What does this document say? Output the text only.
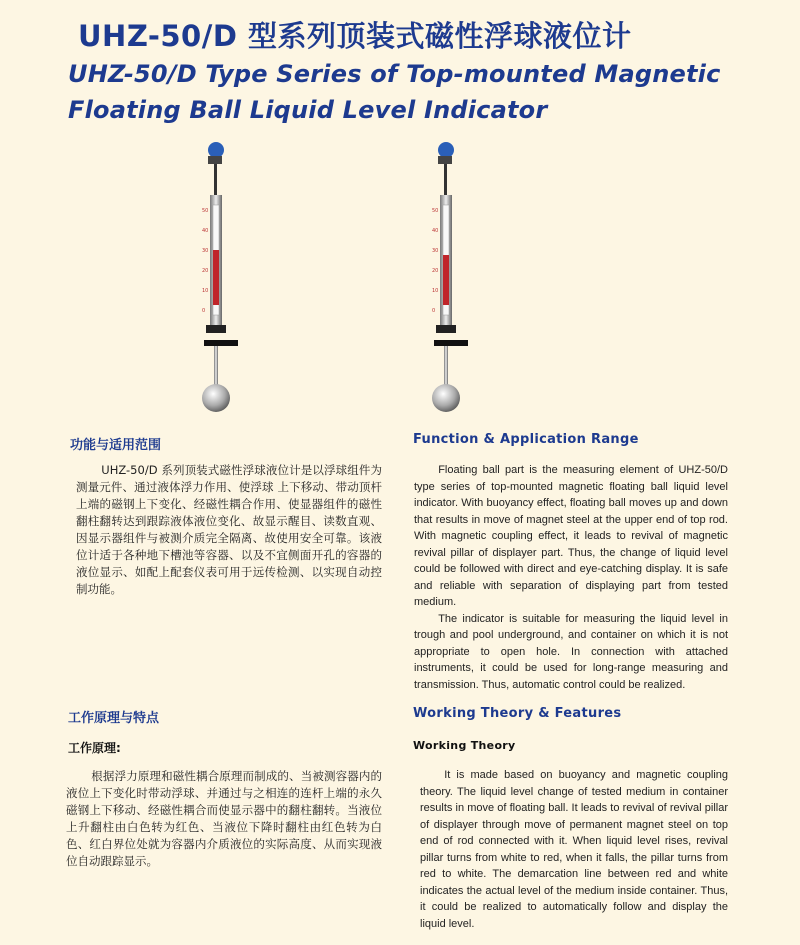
UHZ-50/D 型系列顶装式磁性浮球液位计
UHZ-50/D Type Series of Top-mounted Magnetic
Floating Ball Liquid Level Indicator
50
40
30
20
10
0
50
40
30
20
10
0
功能与适用范围	Function & Application Range

UHZ-50/D 系列顶装式磁性浮球液位计是以浮球组件为测量元件、通过液体浮力作用、使浮球 上下移动、带动顶杆上端的磁钢上下变化、经磁性耦合作用、使显器组件的磁性翻柱翻转达到跟踪液体液位变化、故显示醒目、读数直观、因显示器组件与被测介质完全隔离、故使用安全可靠。该液位计适于各种地下槽池等容器、以及不宜侧面开孔的容器的液位显示、如配上配套仪表可用于远传检测、以实现自动控制功能。

Floating ball part is the measuring element of UHZ-50/D type series of top-mounted magnetic floating ball liquid level indicator. With buoyancy effect, floating ball moves up and down that results in move of magnet steel at the upper end of top rod. With magnetic coupling effect, it leads to revival of magnetic revival pillar of displayer part. Thus, the change of liquid level could be followed with direct and eye-catching display. It is safe and reliable with separation of displaying part from tested medium.

The indicator is suitable for measuring the liquid level in trough and pool underground, and container on which it is not appropriate to open hole. In connection with attached instruments, it could be used for long-range measuring and transmission. Thus, automatic control could be realized.

工作原理与特点	Working Theory & Features
工作原理:	Working Theory

根据浮力原理和磁性耦合原理而制成的、当被测容器内的液位上下变化时带动浮球、并通过与之相连的连杆上端的永久磁钢上下移动、经磁性耦合而使显示器中的翻柱翻转。当液位上升翻柱由白色转为红色、当液位下降时翻柱由红色转为白色、红白界位处就为容器内介质液位的实际高度、从而实现液位自动跟踪显示。

It is made based on buoyancy and magnetic coupling theory. The liquid level change of tested medium in container results in move of floating ball. It leads to revival of revival pillar of displayer through move of permanent magnet steel on top end of rod connected with it. When liquid level rises, revival pillar turns from white to red, when it falls, the pillar turns from red to white. The demarcation line between red and white indicates the actual level of the medium inside container. Thus, it could be realized to automatically follow and display the liquid level.
